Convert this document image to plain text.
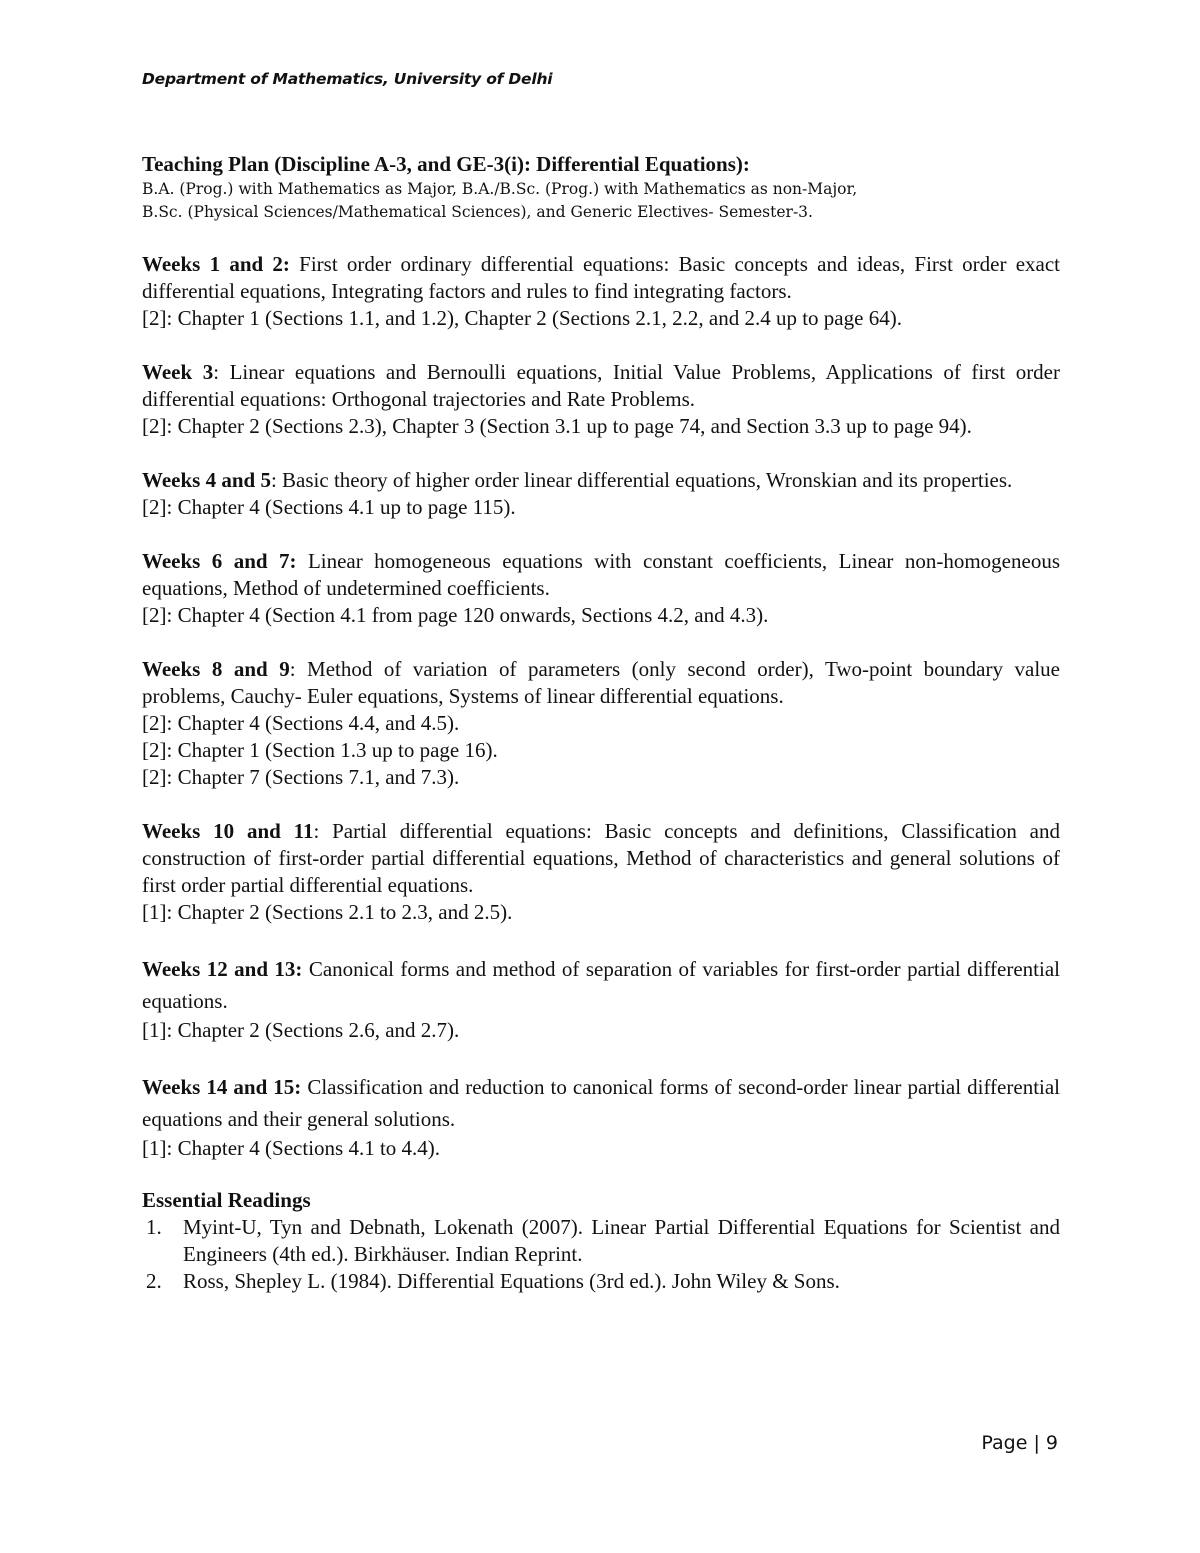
Department of Mathematics, University of Delhi

Teaching Plan (Discipline A-3, and GE-3(i): Differential Equations):

B.A. (Prog.) with Mathematics as Major, B.A./B.Sc. (Prog.) with Mathematics as non-Major,

B.Sc. (Physical Sciences/Mathematical Sciences), and Generic Electives- Semester-3.

Weeks 1 and 2: First order ordinary differential equations: Basic concepts and ideas, First order exact differential equations, Integrating factors and rules to find integrating factors.

[2]: Chapter 1 (Sections 1.1, and 1.2), Chapter 2 (Sections 2.1, 2.2, and 2.4 up to page 64).

Week 3: Linear equations and Bernoulli equations, Initial Value Problems, Applications of first order differential equations: Orthogonal trajectories and Rate Problems.

[2]: Chapter 2 (Sections 2.3), Chapter 3 (Section 3.1 up to page 74, and Section 3.3 up to page 94).

Weeks 4 and 5: Basic theory of higher order linear differential equations, Wronskian and its properties.

[2]: Chapter 4 (Sections 4.1 up to page 115).

Weeks 6 and 7: Linear homogeneous equations with constant coefficients, Linear non-homogeneous equations, Method of undetermined coefficients.

[2]: Chapter 4 (Section 4.1 from page 120 onwards, Sections 4.2, and 4.3).

Weeks 8 and 9: Method of variation of parameters (only second order), Two-point boundary value problems, Cauchy- Euler equations, Systems of linear differential equations.

[2]: Chapter 4 (Sections 4.4, and 4.5).

[2]: Chapter 1 (Section 1.3 up to page 16).

[2]: Chapter 7 (Sections 7.1, and 7.3).

Weeks 10 and 11: Partial differential equations: Basic concepts and definitions, Classification and construction of first-order partial differential equations, Method of characteristics and general solutions of first order partial differential equations.

[1]: Chapter 2 (Sections 2.1 to 2.3, and 2.5).

Weeks 12 and 13: Canonical forms and method of separation of variables for first-order partial differential equations.

[1]: Chapter 2 (Sections 2.6, and 2.7).

Weeks 14 and 15: Classification and reduction to canonical forms of second-order linear partial differential equations and their general solutions.

[1]: Chapter 4 (Sections 4.1 to 4.4).

Essential Readings

1. Myint-U, Tyn and Debnath, Lokenath (2007). Linear Partial Differential Equations for Scientist and Engineers (4th ed.). Birkhäuser. Indian Reprint.
2. Ross, Shepley L. (1984). Differential Equations (3rd ed.). John Wiley & Sons.
Page | 9
